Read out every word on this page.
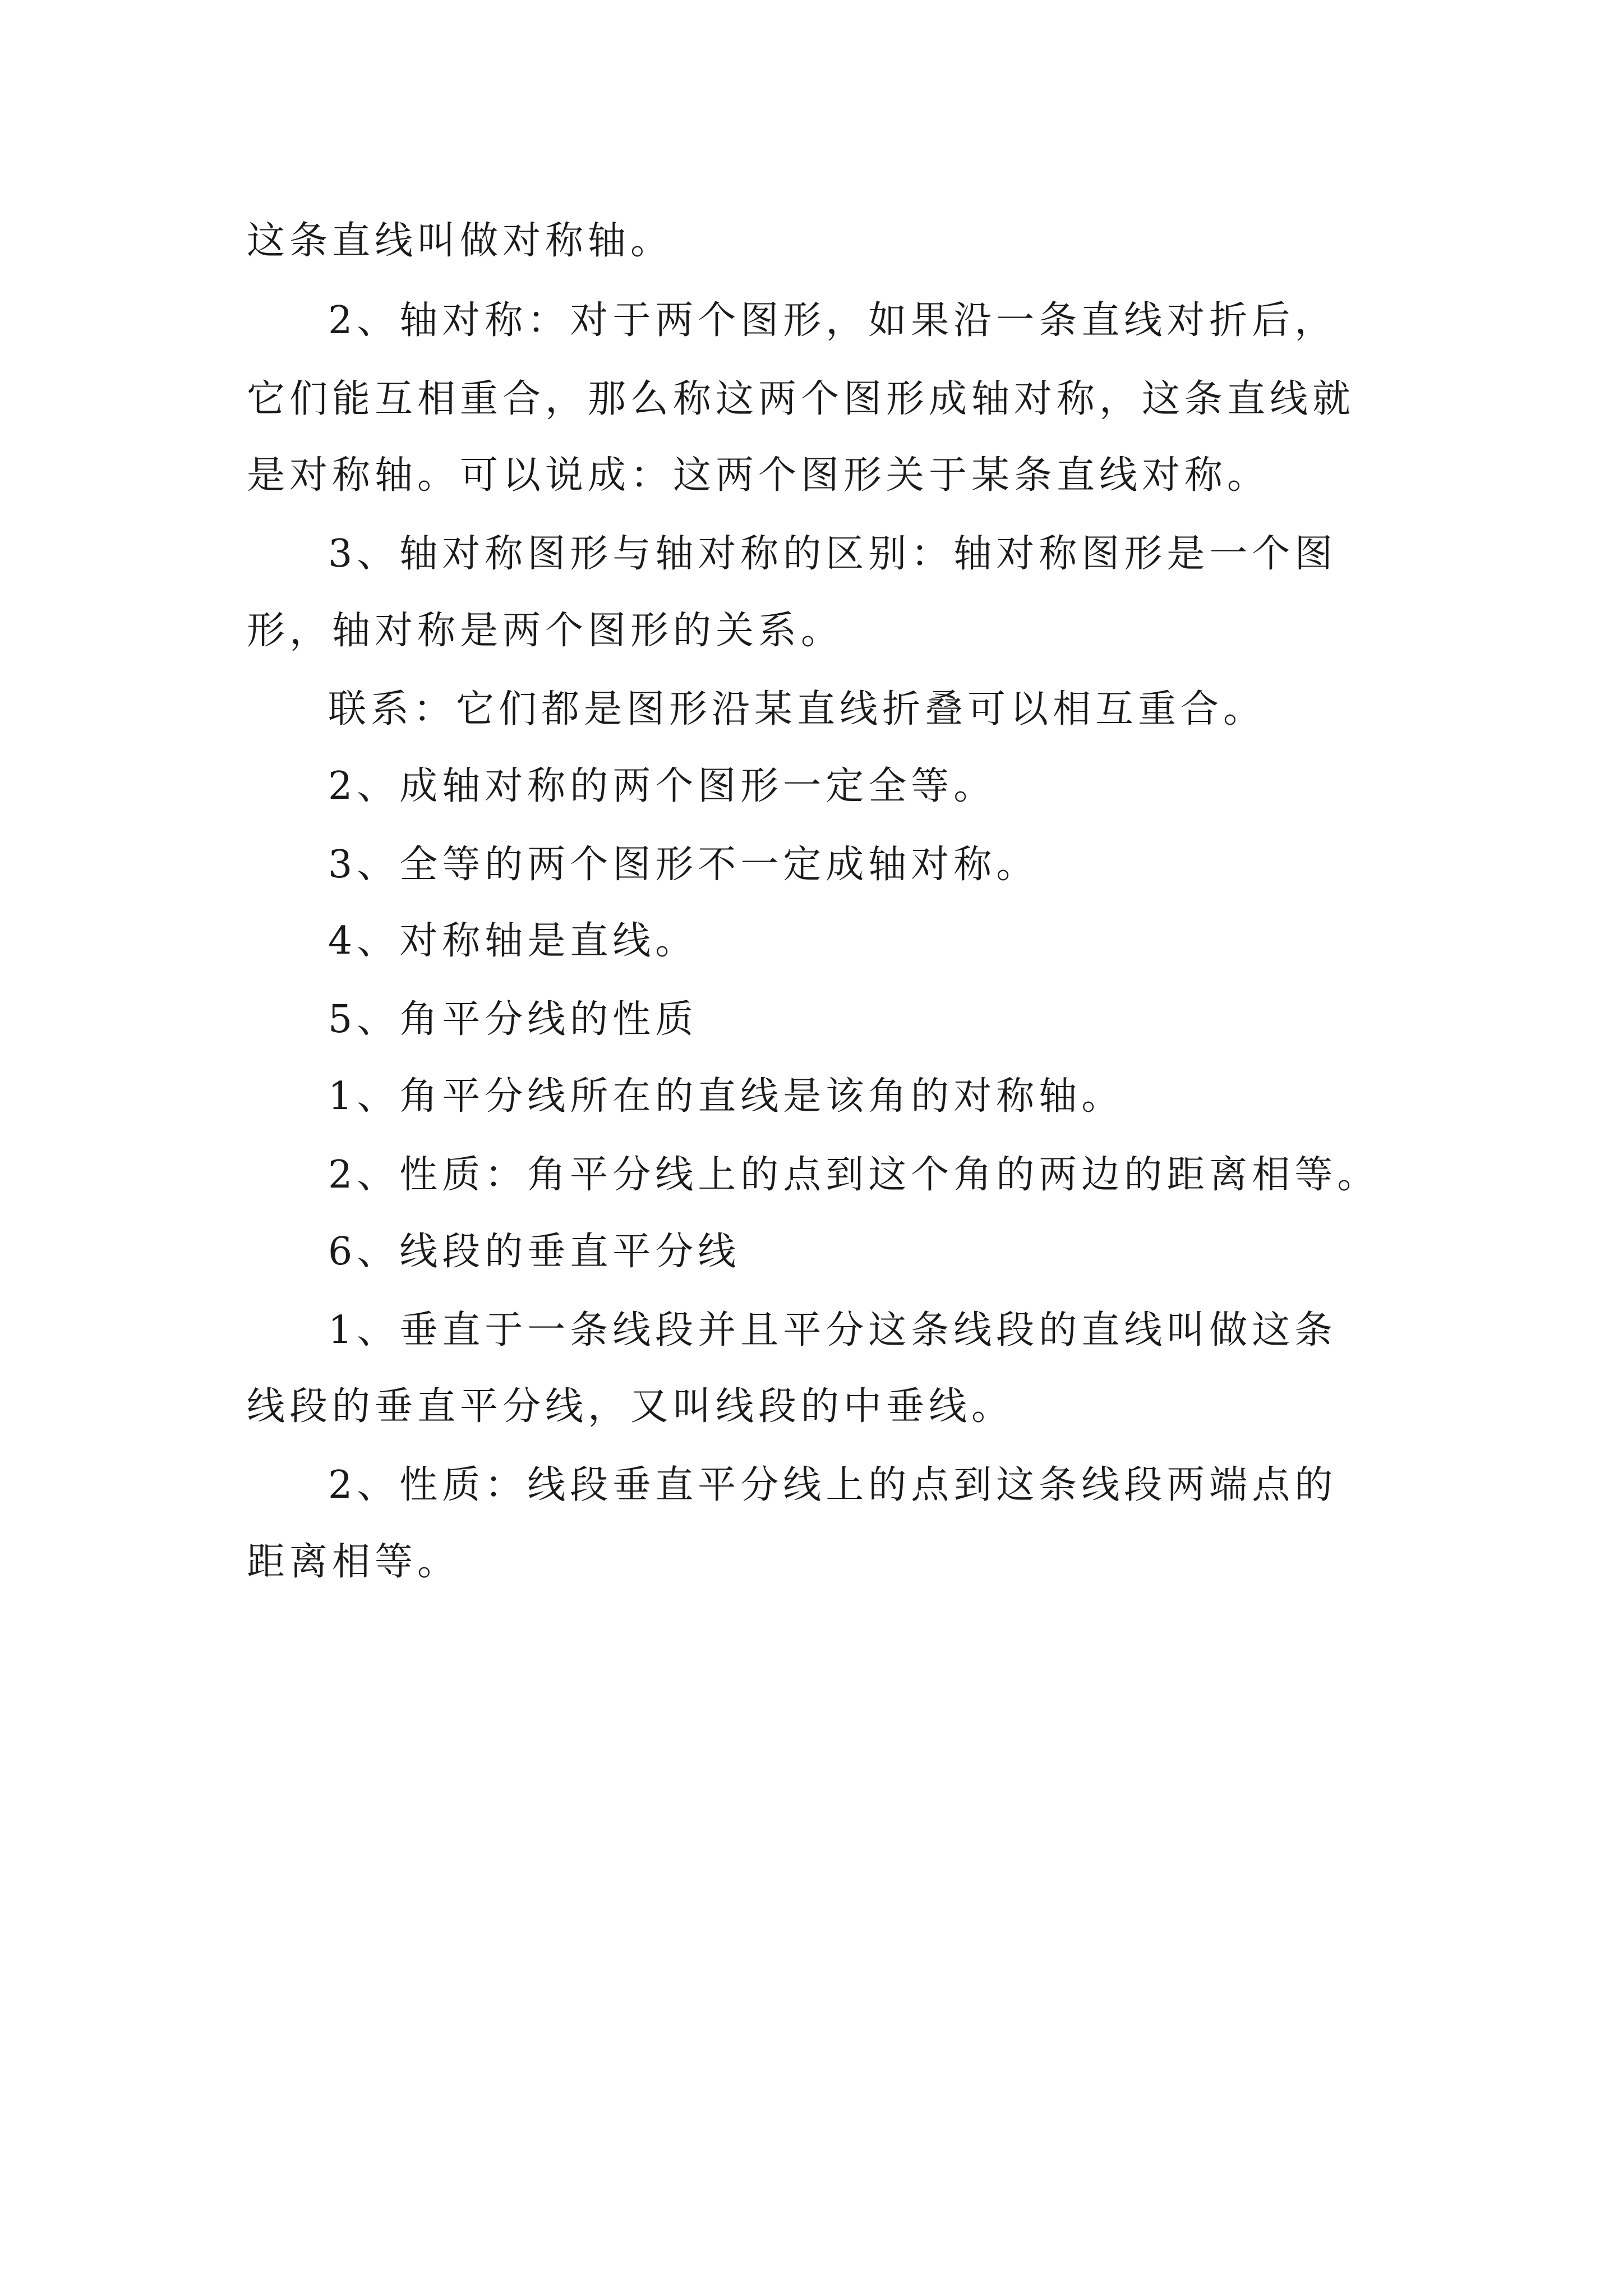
这条直线叫做对称轴。
2、轴对称：对于两个图形，如果沿一条直线对折后，
它们能互相重合，那么称这两个图形成轴对称，这条直线就
是对称轴。可以说成：这两个图形关于某条直线对称。
3、轴对称图形与轴对称的区别：轴对称图形是一个图
形，轴对称是两个图形的关系。
联系：它们都是图形沿某直线折叠可以相互重合。
2、成轴对称的两个图形一定全等。
3、全等的两个图形不一定成轴对称。
4、对称轴是直线。
5、角平分线的性质
1、角平分线所在的直线是该角的对称轴。
2、性质：角平分线上的点到这个角的两边的距离相等。
6、线段的垂直平分线
1、垂直于一条线段并且平分这条线段的直线叫做这条
线段的垂直平分线，又叫线段的中垂线。
2、性质：线段垂直平分线上的点到这条线段两端点的
距离相等。
